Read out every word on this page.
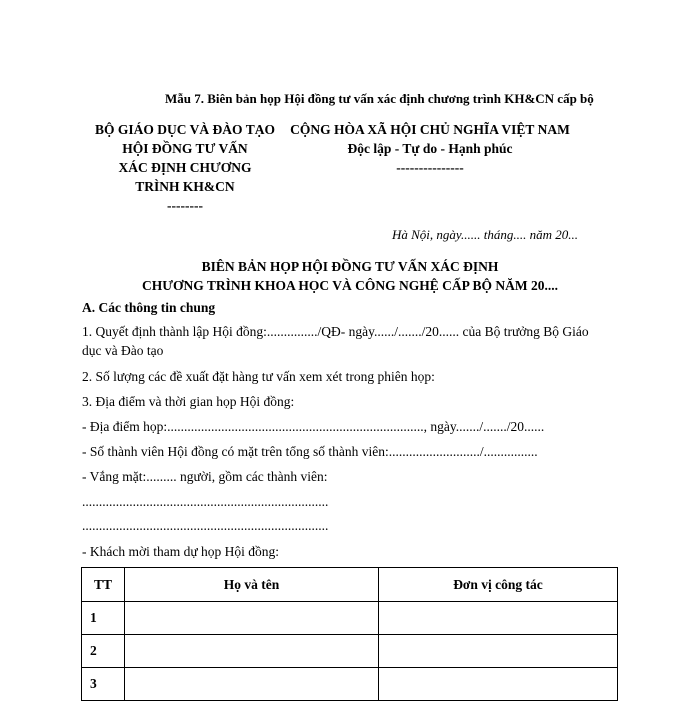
Mẫu 7. Biên bản họp Hội đồng tư vấn xác định chương trình KH&CN cấp bộ
BỘ GIÁO DỤC VÀ ĐÀO TẠO
HỘI ĐỒNG TƯ VẤN
XÁC ĐỊNH CHƯƠNG
TRÌNH KH&CN
--------
CỘNG HÒA XÃ HỘI CHỦ NGHĨA VIỆT NAM
Độc lập - Tự do - Hạnh phúc
---------------
Hà Nội, ngày...... tháng.... năm 20...
BIÊN BẢN HỌP HỘI ĐỒNG TƯ VẤN XÁC ĐỊNH
CHƯƠNG TRÌNH KHOA HỌC VÀ CÔNG NGHỆ CẤP BỘ NĂM 20....
A. Các thông tin chung
1. Quyết định thành lập Hội đồng:.............../QĐ- ngày....../......./20...... của Bộ trưởng Bộ Giáo
dục và Đào tạo
2. Số lượng các đề xuất đặt hàng tư vấn xem xét trong phiên họp:
3. Địa điểm và thời gian họp Hội đồng:
- Địa điểm họp:............................................................................, ngày......./......./20......
- Số thành viên Hội đồng có mặt trên tổng số thành viên:.........................../................
- Vắng mặt:......... người, gồm các thành viên:
.........................................................................
.........................................................................
- Khách mời tham dự họp Hội đồng:
TT	Họ và tên	Đơn vị công tác
1		
2		
3		
